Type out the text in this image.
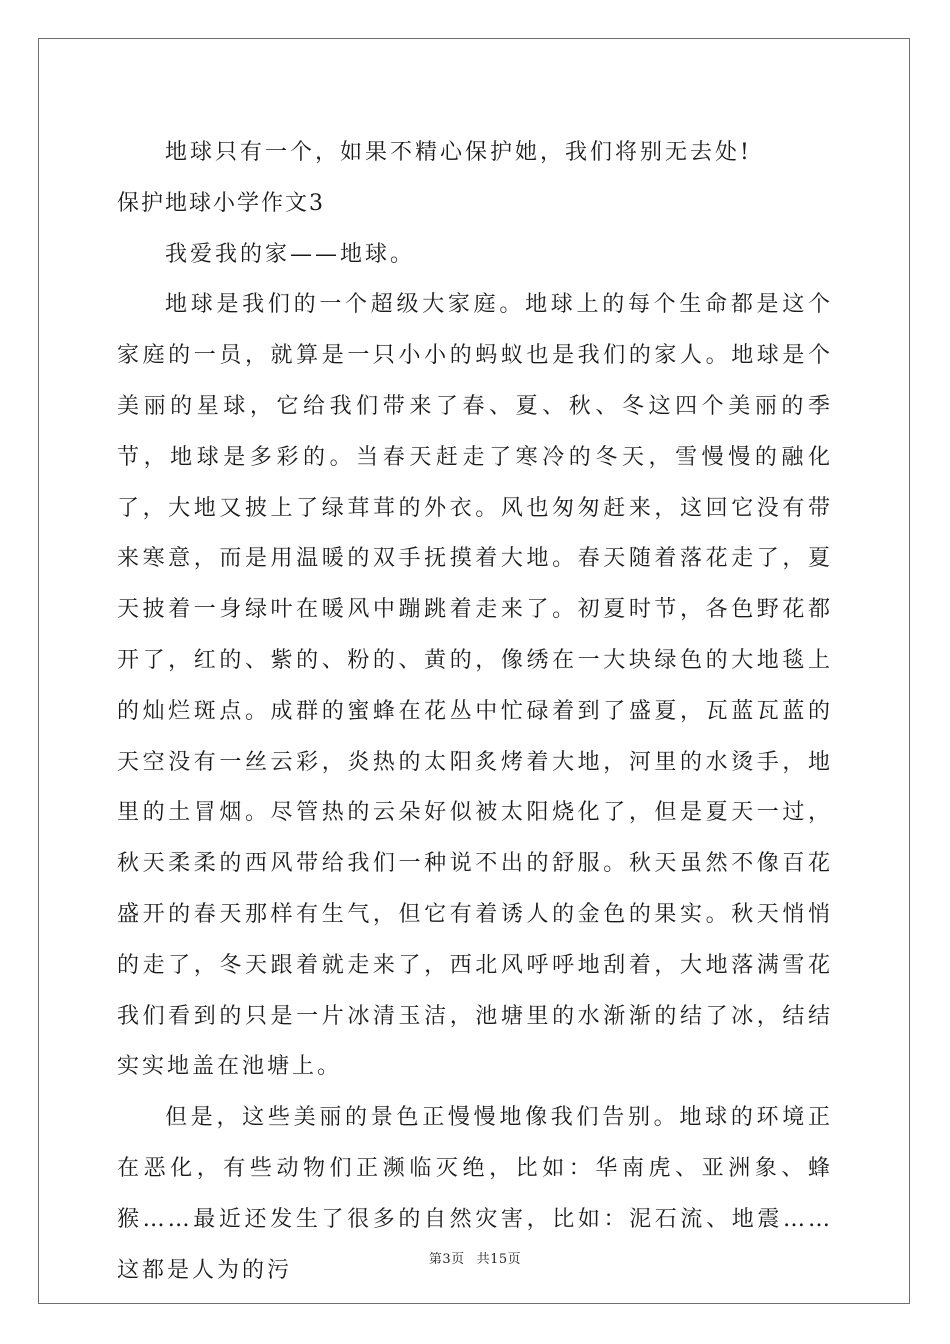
地球只有一个，如果不精心保护她，我们将别无去处!

保护地球小学作文3

我爱我的家——地球。

地球是我们的一个超级大家庭。地球上的每个生命都是这个家庭的一员，就算是一只小小的蚂蚁也是我们的家人。地球是个美丽的星球，它给我们带来了春、夏、秋、冬这四个美丽的季节，地球是多彩的。当春天赶走了寒冷的冬天，雪慢慢的融化了，大地又披上了绿茸茸的外衣。风也匆匆赶来，这回它没有带来寒意，而是用温暖的双手抚摸着大地。春天随着落花走了，夏天披着一身绿叶在暖风中蹦跳着走来了。初夏时节，各色野花都开了，红的、紫的、粉的、黄的，像绣在一大块绿色的大地毯上的灿烂斑点。成群的蜜蜂在花丛中忙碌着到了盛夏，瓦蓝瓦蓝的天空没有一丝云彩，炎热的太阳炙烤着大地，河里的水烫手，地里的土冒烟。尽管热的云朵好似被太阳烧化了，但是夏天一过，秋天柔柔的西风带给我们一种说不出的舒服。秋天虽然不像百花盛开的春天那样有生气，但它有着诱人的金色的果实。秋天悄悄的走了，冬天跟着就走来了，西北风呼呼地刮着，大地落满雪花我们看到的只是一片冰清玉洁，池塘里的水渐渐的结了冰，结结实实地盖在池塘上。

但是，这些美丽的景色正慢慢地像我们告别。地球的环境正在恶化，有些动物们正濒临灭绝，比如：华南虎、亚洲象、蜂猴……最近还发生了很多的自然灾害，比如：泥石流、地震……这都是人为的污	第3页 共15页
